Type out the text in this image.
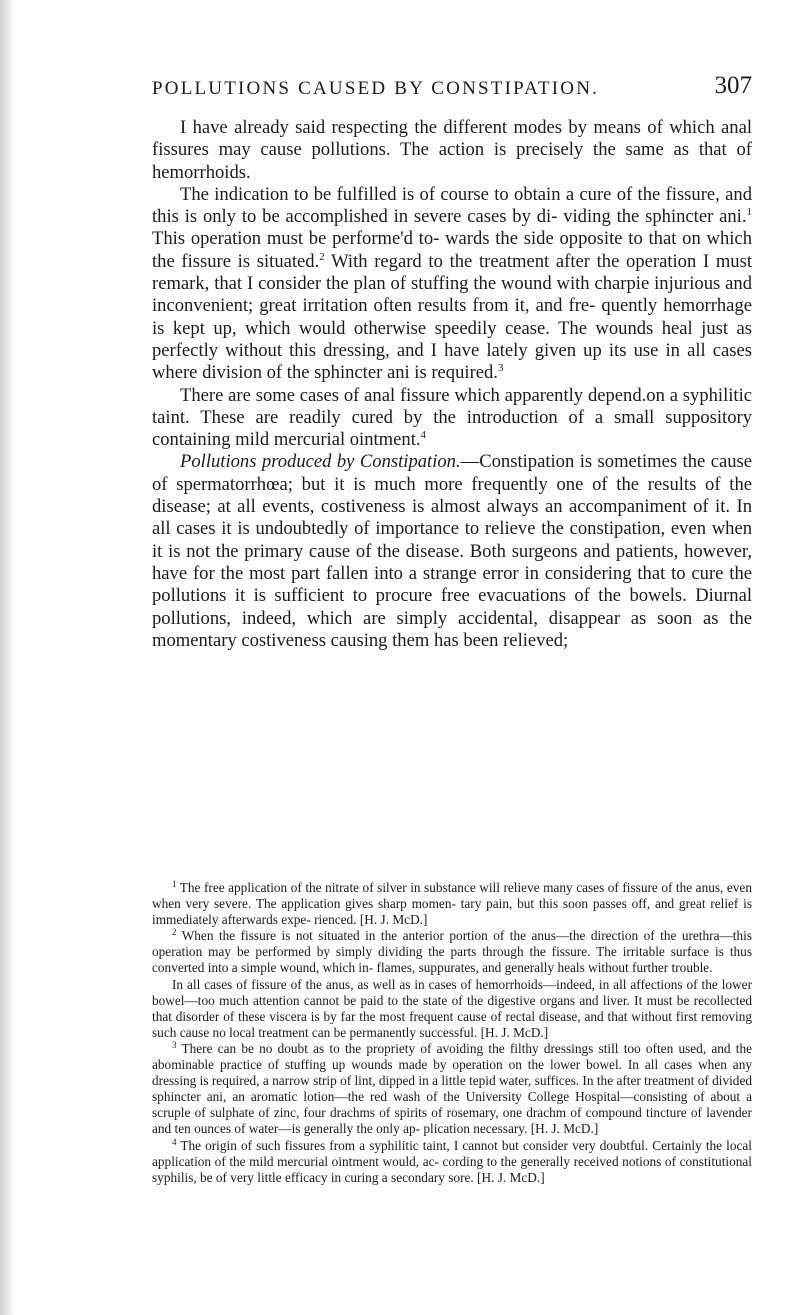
POLLUTIONS CAUSED BY CONSTIPATION.	307

I have already said respecting the different modes by means of which anal fissures may cause pollutions. The action is precisely the same as that of hemorrhoids.

The indication to be fulfilled is of course to obtain a cure of the fissure, and this is only to be accomplished in severe cases by di- viding the sphincter ani.$^1$ This operation must be performe'd to- wards the side opposite to that on which the fissure is situated.$^2$ With regard to the treatment after the operation I must remark, that I consider the plan of stuffing the wound with charpie injurious and inconvenient; great irritation often results from it, and fre- quently hemorrhage is kept up, which would otherwise speedily cease. The wounds heal just as perfectly without this dressing, and I have lately given up its use in all cases where division of the sphincter ani is required.$^3$

There are some cases of anal fissure which apparently depend.on a syphilitic taint. These are readily cured by the introduction of a small suppository containing mild mercurial ointment.$^4$

Pollutions produced by Constipation.—Constipation is sometimes the cause of spermatorrhœa; but it is much more frequently one of the results of the disease; at all events, costiveness is almost always an accompaniment of it. In all cases it is undoubtedly of importance to relieve the constipation, even when it is not the primary cause of the disease. Both surgeons and patients, however, have for the most part fallen into a strange error in considering that to cure the pollutions it is sufficient to procure free evacuations of the bowels. Diurnal pollutions, indeed, which are simply accidental, disappear as soon as the momentary costiveness causing them has been relieved;

$^1$ The free application of the nitrate of silver in substance will relieve many cases of fissure of the anus, even when very severe. The application gives sharp momen- tary pain, but this soon passes off, and great relief is immediately afterwards expe- rienced. [H. J. McD.]

$^2$ When the fissure is not situated in the anterior portion of the anus—the direction of the urethra—this operation may be performed by simply dividing the parts through the fissure. The irritable surface is thus converted into a simple wound, which in- flames, suppurates, and generally heals without further trouble.

In all cases of fissure of the anus, as well as in cases of hemorrhoids—indeed, in all affections of the lower bowel—too much attention cannot be paid to the state of the digestive organs and liver. It must be recollected that disorder of these viscera is by far the most frequent cause of rectal disease, and that without first removing such cause no local treatment can be permanently successful. [H. J. McD.]

$^3$ There can be no doubt as to the propriety of avoiding the filthy dressings still too often used, and the abominable practice of stuffing up wounds made by operation on the lower bowel. In all cases when any dressing is required, a narrow strip of lint, dipped in a little tepid water, suffices. In the after treatment of divided sphincter ani, an aromatic lotion—the red wash of the University College Hospital—consisting of about a scruple of sulphate of zinc, four drachms of spirits of rosemary, one drachm of compound tincture of lavender and ten ounces of water—is generally the only ap- plication necessary. [H. J. McD.]

$^4$ The origin of such fissures from a syphilitic taint, I cannot but consider very doubtful. Certainly the local application of the mild mercurial ointment would, ac- cording to the generally received notions of constitutional syphilis, be of very little efficacy in curing a secondary sore. [H. J. McD.]
